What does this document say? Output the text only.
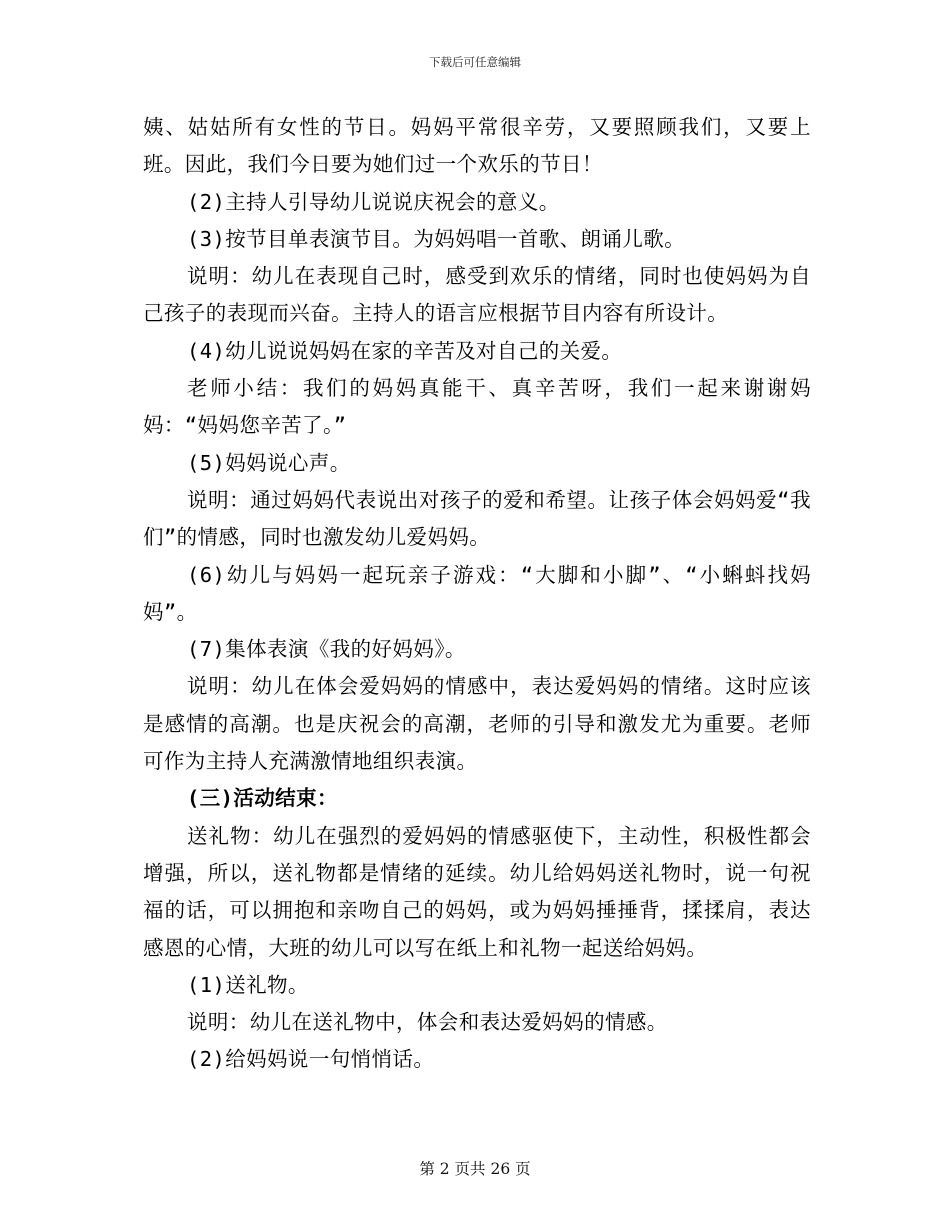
下载后可任意编辑

姨、姑姑所有女性的节日。妈妈平常很辛劳，又要照顾我们，又要上班。因此，我们今日要为她们过一个欢乐的节日！

(2)主持人引导幼儿说说庆祝会的意义。

(3)按节目单表演节目。为妈妈唱一首歌、朗诵儿歌。

说明：幼儿在表现自己时，感受到欢乐的情绪，同时也使妈妈为自己孩子的表现而兴奋。主持人的语言应根据节目内容有所设计。

(4)幼儿说说妈妈在家的辛苦及对自己的关爱。

老师小结：我们的妈妈真能干、真辛苦呀，我们一起来谢谢妈妈：“妈妈您辛苦了。”

(5)妈妈说心声。

说明：通过妈妈代表说出对孩子的爱和希望。让孩子体会妈妈爱“我们”的情感，同时也激发幼儿爱妈妈。

(6)幼儿与妈妈一起玩亲子游戏：“大脚和小脚”、“小蝌蚪找妈妈”。

(7)集体表演《我的好妈妈》。

说明：幼儿在体会爱妈妈的情感中，表达爱妈妈的情绪。这时应该是感情的高潮。也是庆祝会的高潮，老师的引导和激发尤为重要。老师可作为主持人充满激情地组织表演。

(三)活动结束：

送礼物：幼儿在强烈的爱妈妈的情感驱使下，主动性，积极性都会增强，所以，送礼物都是情绪的延续。幼儿给妈妈送礼物时，说一句祝福的话，可以拥抱和亲吻自己的妈妈，或为妈妈捶捶背，揉揉肩，表达感恩的心情，大班的幼儿可以写在纸上和礼物一起送给妈妈。

(1)送礼物。

说明：幼儿在送礼物中，体会和表达爱妈妈的情感。

(2)给妈妈说一句悄悄话。

第 2 页共 26 页
